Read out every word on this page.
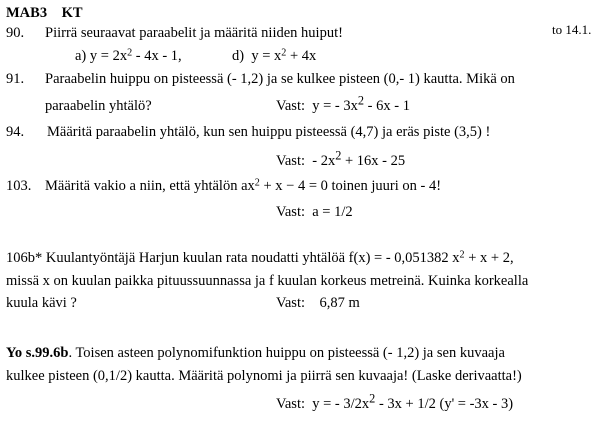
MAB3 KT
to 14.1.
90. Piirrä seuraavat paraabelit ja määritä niiden huiput!
a) $y = 2x^2 - 4x - 1$,	d) $y = x^2 + 4x$
91. Paraabelin huippu on pisteessä (- 1,2) ja se kulkee pisteen (0,- 1) kautta. Mikä on
paraabelin yhtälö?	Vast: y = - $3x^2 - 6x - 1$
94. Määritä paraabelin yhtälö, kun sen huippu pisteessä (4,7) ja eräs piste (3,5) !
Vast: - $2x^2 + 16x - 25$
103. Määritä vakio a niin, että yhtälön $ax^2 + x - 4 = 0$ toinen juuri on - 4!
Vast: a = 1/2
106b* Kuulantyöntäjä Harjun kuulan rata noudatti yhtälöä f(x) = - 0,051382 $x^2 + x + 2$,
missä x on kuulan paikka pituussuunnassa ja f kuulan korkeus metreinä. Kuinka korkealla
kuula kävi ?	Vast: 6,87 m
Yo s.99.6b. Toisen asteen polynomifunktion huippu on pisteessä (- 1,2) ja sen kuvaaja
kulkee pisteen (0,1/2) kautta. Määritä polynomi ja piirrä sen kuvaaja! (Laske derivaatta!)
Vast: y = - $3/2x^2 - 3x + 1/2$ (y' = -3x - 3)
